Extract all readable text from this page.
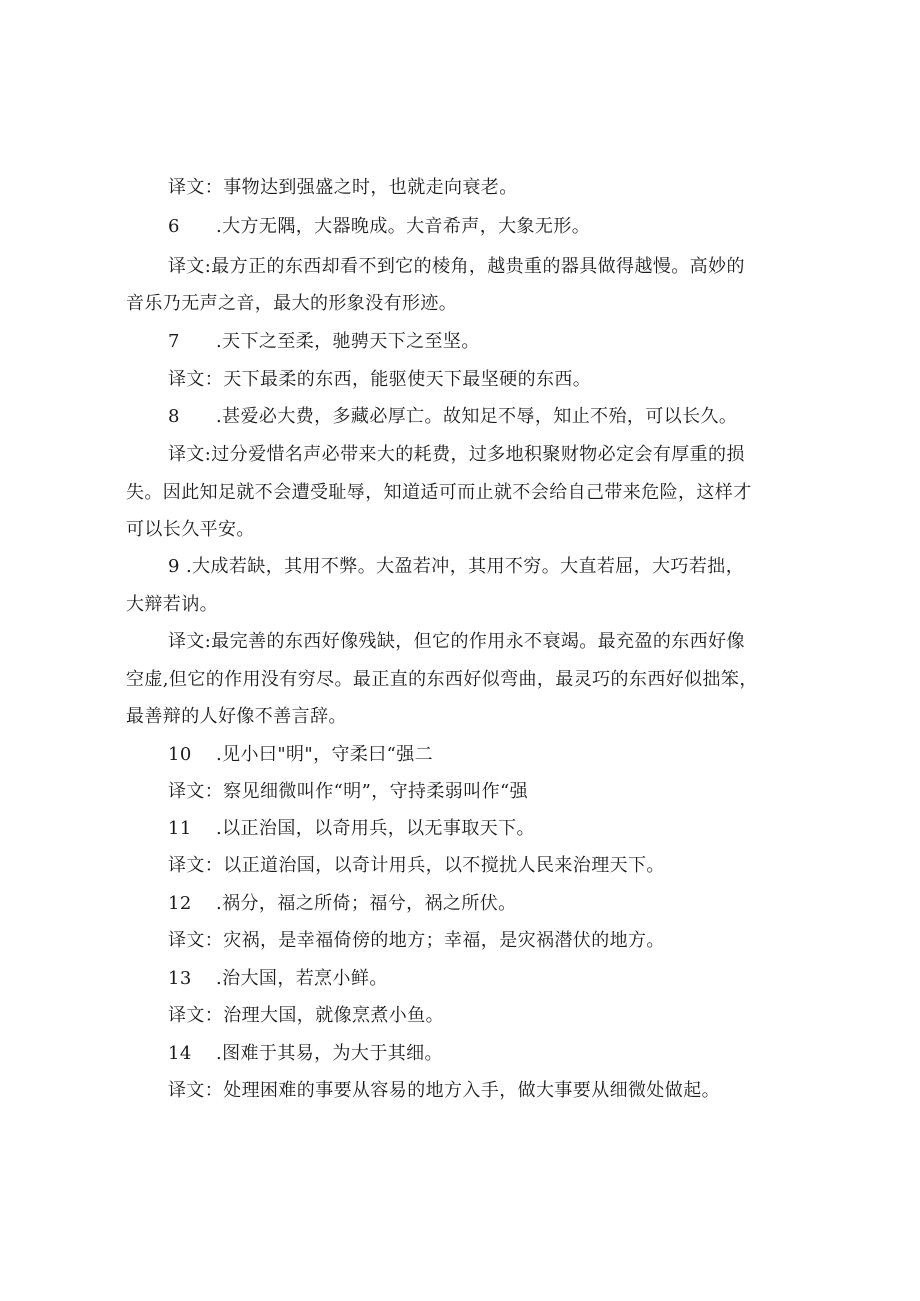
译文：事物达到强盛之时，也就走向衰老。
6 .大方无隅，大器晚成。大音希声，大象无形。
译文:最方正的东西却看不到它的棱角，越贵重的器具做得越慢。高妙的
音乐乃无声之音，最大的形象没有形迹。
7 .天下之至柔，驰骋天下之至坚。
译文：天下最柔的东西，能驱使天下最坚硬的东西。
8 .甚爱必大费，多藏必厚亡。故知足不辱，知止不殆，可以长久。
译文:过分爱惜名声必带来大的耗费，过多地积聚财物必定会有厚重的损
失。因此知足就不会遭受耻辱，知道适可而止就不会给自己带来危险，这样才
可以长久平安。
9 .大成若缺，其用不弊。大盈若冲，其用不穷。大直若屈，大巧若拙，
大辩若讷。
译文:最完善的东西好像残缺，但它的作用永不衰竭。最充盈的东西好像
空虚,但它的作用没有穷尽。最正直的东西好似弯曲，最灵巧的东西好似拙笨，
最善辩的人好像不善言辞。
10 .见小曰"明"，守柔曰“强二
译文：察见细微叫作“明”，守持柔弱叫作“强
11 .以正治国，以奇用兵，以无事取天下。
译文：以正道治国，以奇计用兵，以不搅扰人民来治理天下。
12 .祸分，福之所倚；福兮，祸之所伏。
译文：灾祸，是幸福倚傍的地方；幸福，是灾祸潜伏的地方。
13 .治大国，若烹小鲜。
译文：治理大国，就像烹煮小鱼。
14 .图难于其易，为大于其细。
译文：处理困难的事要从容易的地方入手，做大事要从细微处做起。
